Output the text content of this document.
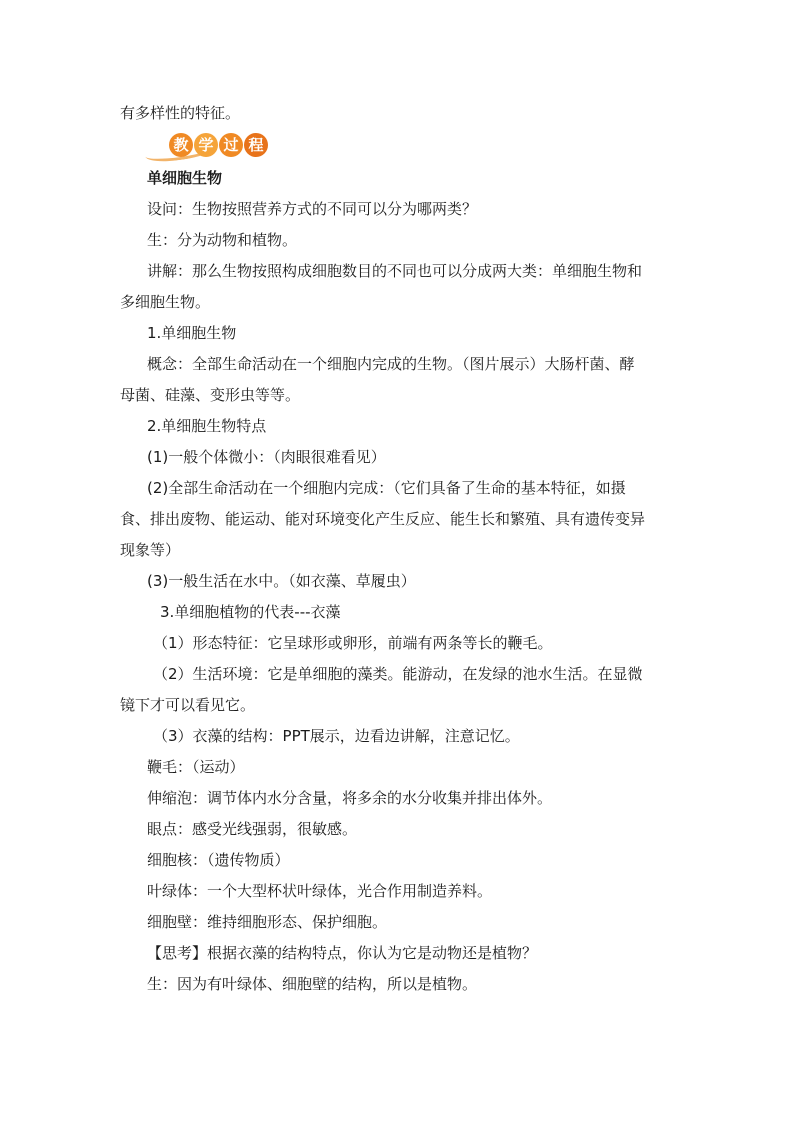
有多样性的特征。
教 学 过 程
单细胞生物
设问：生物按照营养方式的不同可以分为哪两类？
生：分为动物和植物。
讲解：那么生物按照构成细胞数目的不同也可以分成两大类：单细胞生物和
多细胞生物。
1.单细胞生物
概念：全部生命活动在一个细胞内完成的生物。（图片展示）大肠杆菌、酵
母菌、硅藻、变形虫等等。
2.单细胞生物特点
(1)一般个体微小：（肉眼很难看见）
(2)全部生命活动在一个细胞内完成：（它们具备了生命的基本特征，如摄
食、排出废物、能运动、能对环境变化产生反应、能生长和繁殖、具有遗传变异
现象等）
(3)一般生活在水中。（如衣藻、草履虫）
3.单细胞植物的代表---衣藻
（1）形态特征：它呈球形或卵形，前端有两条等长的鞭毛。
（2）生活环境：它是单细胞的藻类。能游动，在发绿的池水生活。在显微
镜下才可以看见它。
（3）衣藻的结构：PPT展示，边看边讲解，注意记忆。
鞭毛：（运动）
伸缩泡：调节体内水分含量，将多余的水分收集并排出体外。
眼点：感受光线强弱，很敏感。
细胞核：（遗传物质）
叶绿体：一个大型杯状叶绿体，光合作用制造养料。
细胞壁：维持细胞形态、保护细胞。
【思考】根据衣藻的结构特点，你认为它是动物还是植物？
生：因为有叶绿体、细胞壁的结构，所以是植物。
